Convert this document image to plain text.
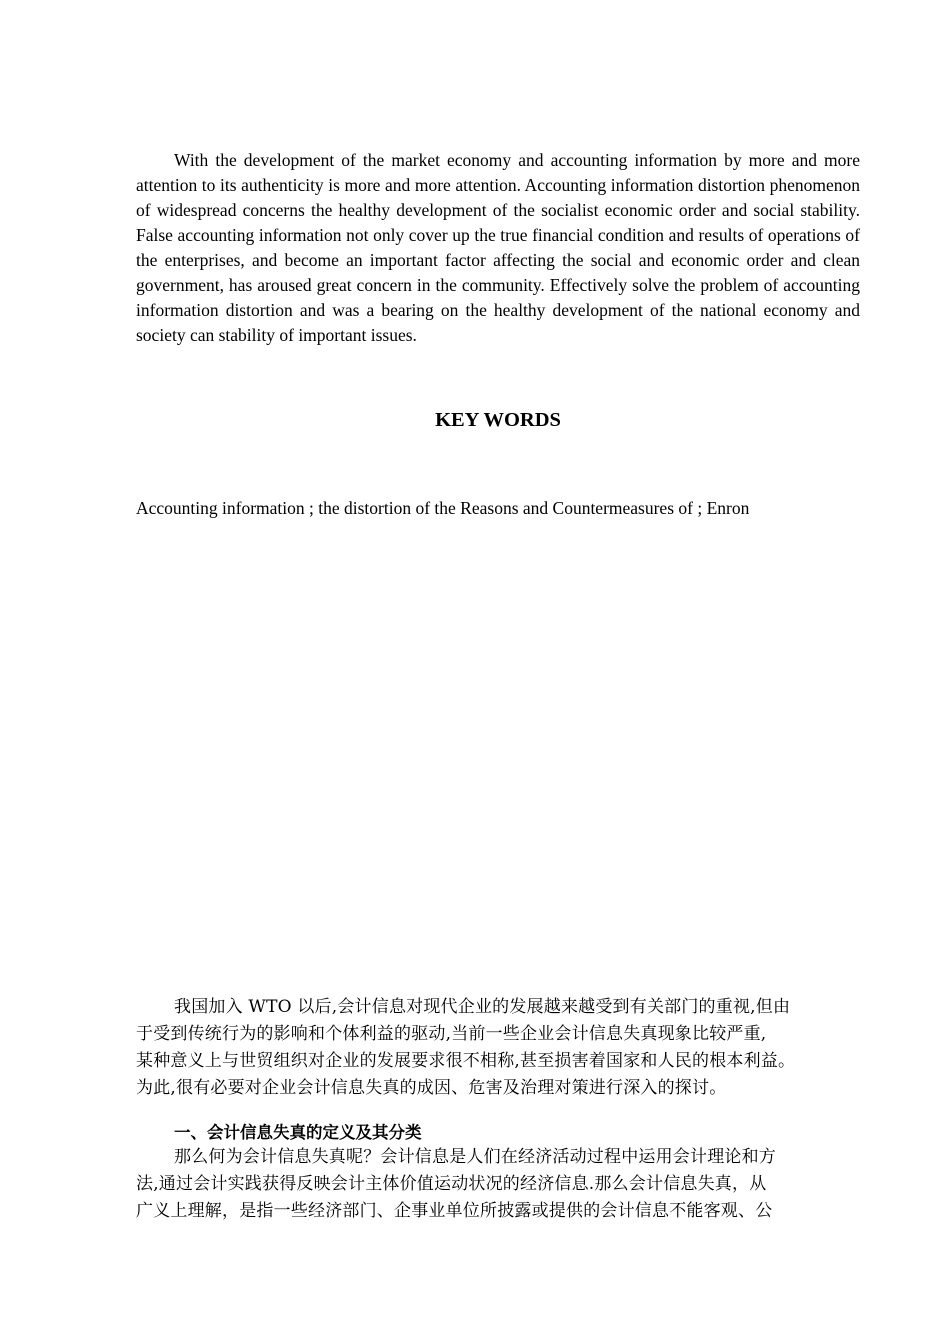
With the development of the market economy and accounting information by more and more attention to its authenticity is more and more attention. Accounting information distortion phenomenon of widespread concerns the healthy development of the socialist economic order and social stability. False accounting information not only cover up the true financial condition and results of operations of the enterprises, and become an important factor affecting the social and economic order and clean government, has aroused great concern in the community. Effectively solve the problem of accounting information distortion and was a bearing on the healthy development of the national economy and society can stability of important issues.

KEY WORDS

Accounting information ; the distortion of the Reasons and Countermeasures of ; Enron

我国加入 WTO 以后,会计信息对现代企业的发展越来越受到有关部门的重视,但由
于受到传统行为的影响和个体利益的驱动,当前一些企业会计信息失真现象比较严重,
某种意义上与世贸组织对企业的发展要求很不相称,甚至损害着国家和人民的根本利益。
为此,很有必要对企业会计信息失真的成因、危害及治理对策进行深入的探讨。
一、会计信息失真的定义及其分类
那么何为会计信息失真呢？会计信息是人们在经济活动过程中运用会计理论和方
法,通过会计实践获得反映会计主体价值运动状况的经济信息.那么会计信息失真，从
广义上理解，是指一些经济部门、企事业单位所披露或提供的会计信息不能客观、公
